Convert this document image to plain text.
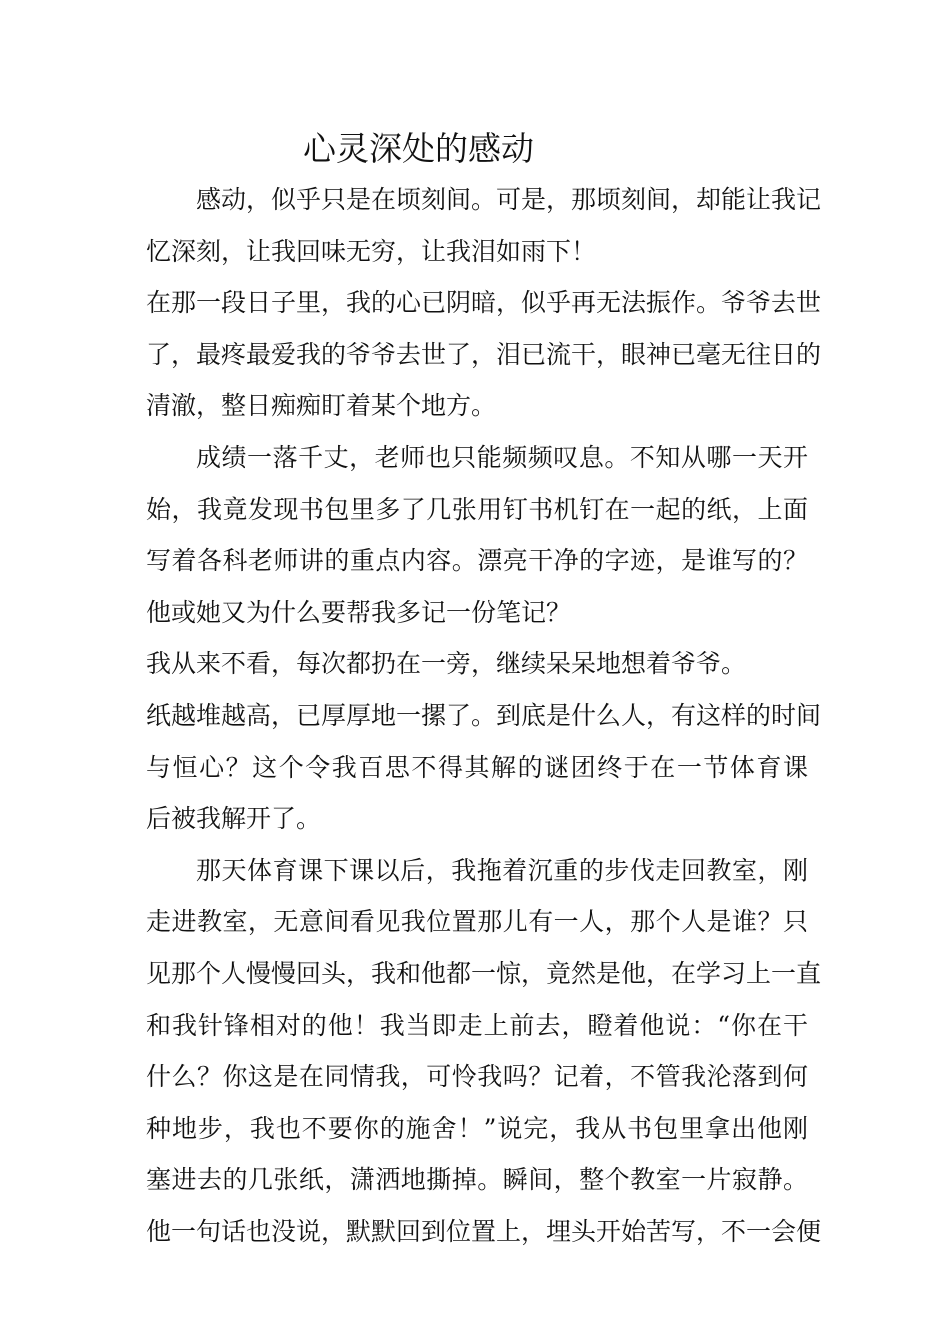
心灵深处的感动
感动，似乎只是在顷刻间。可是，那顷刻间，却能让我记
忆深刻，让我回味无穷，让我泪如雨下！
在那一段日子里，我的心已阴暗，似乎再无法振作。爷爷去世
了，最疼最爱我的爷爷去世了，泪已流干，眼神已毫无往日的
清澈，整日痴痴盯着某个地方。
成绩一落千丈，老师也只能频频叹息。不知从哪一天开
始，我竟发现书包里多了几张用钉书机钉在一起的纸，上面
写着各科老师讲的重点内容。漂亮干净的字迹，是谁写的？
他或她又为什么要帮我多记一份笔记？
我从来不看，每次都扔在一旁，继续呆呆地想着爷爷。
纸越堆越高，已厚厚地一摞了。到底是什么人，有这样的时间
与恒心？这个令我百思不得其解的谜团终于在一节体育课
后被我解开了。
那天体育课下课以后，我拖着沉重的步伐走回教室，刚
走进教室，无意间看见我位置那儿有一人，那个人是谁？只
见那个人慢慢回头，我和他都一惊，竟然是他，在学习上一直
和我针锋相对的他！我当即走上前去，瞪着他说：“你在干
什么？你这是在同情我，可怜我吗？记着，不管我沦落到何
种地步，我也不要你的施舍！”说完，我从书包里拿出他刚
塞进去的几张纸，潇洒地撕掉。瞬间，整个教室一片寂静。
他一句话也没说，默默回到位置上，埋头开始苦写，不一会便
